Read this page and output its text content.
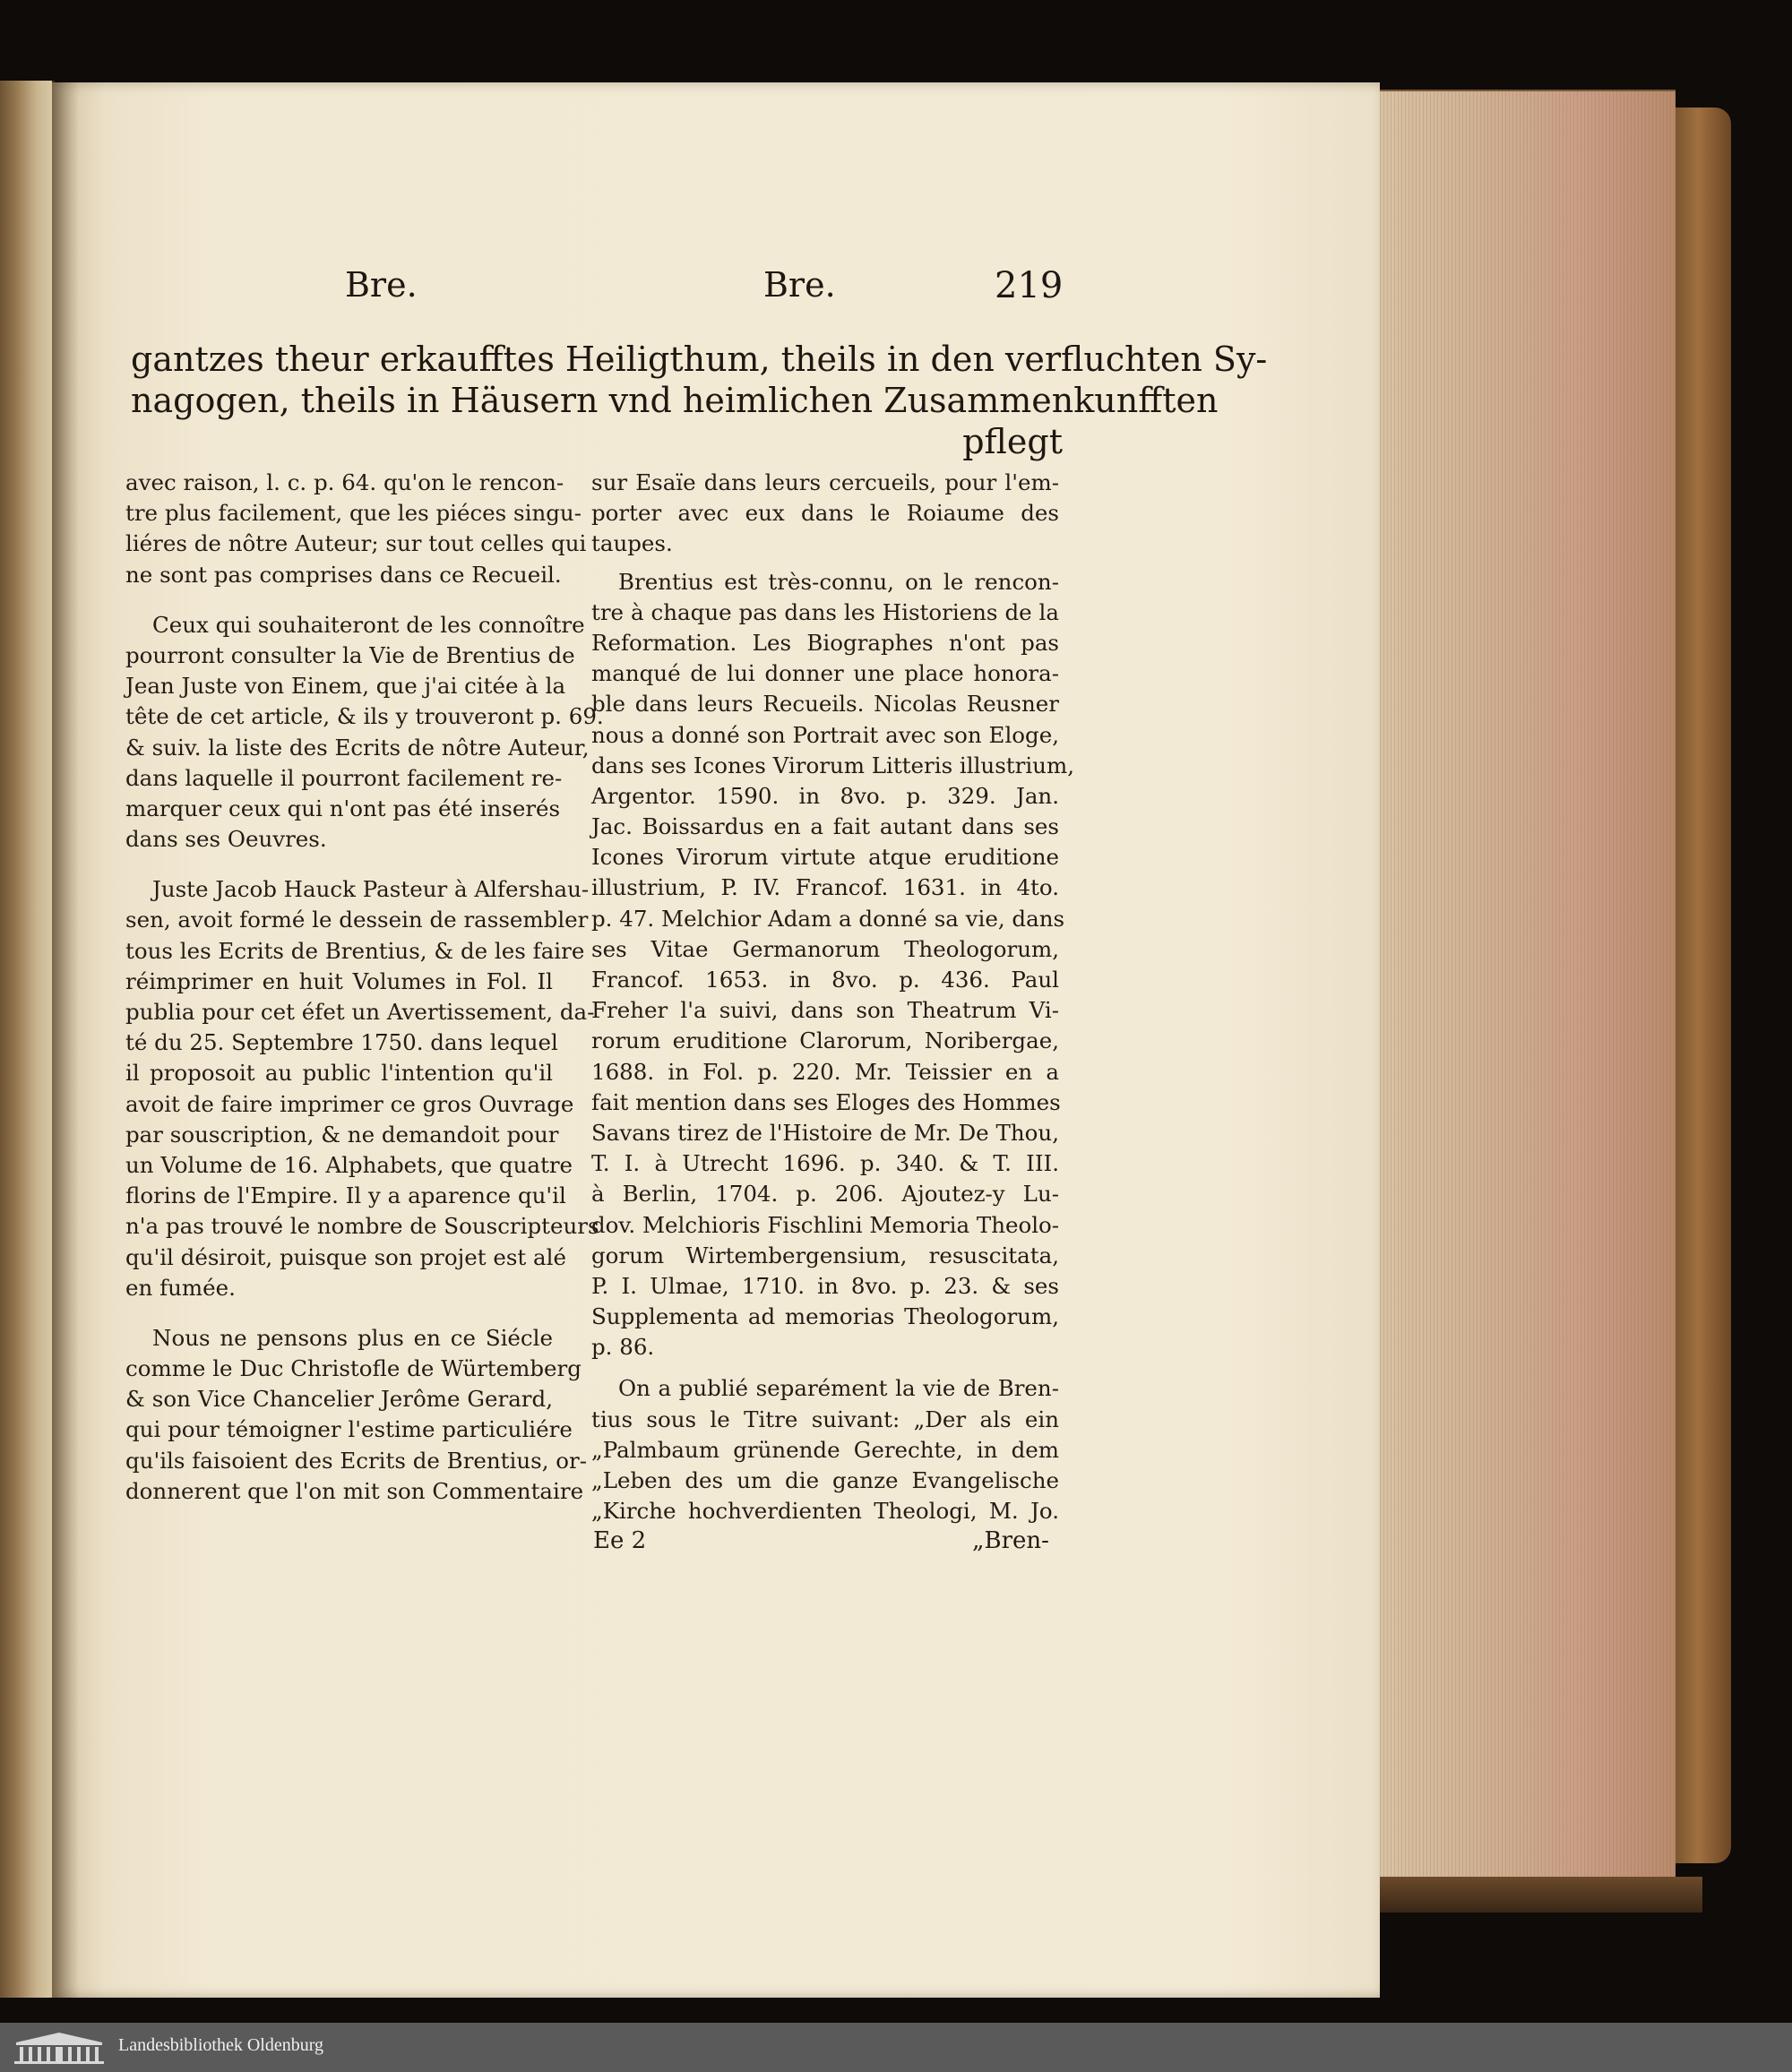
Bre.	Bre.	219
gantzes theur erkaufftes Heiligthum, theils in den verfluchten Sy-
nagogen, theils in Häusern vnd heimlichen Zusammenkunfften
pflegt
avec raison, l. c. p. 64. qu'on le rencon-
tre plus facilement, que les piéces singu-
liéres de nôtre Auteur; sur tout celles qui
ne sont pas comprises dans ce Recueil.
Ceux qui souhaiteront de les connoître
pourront consulter la Vie de Brentius de
Jean Juste von Einem, que j'ai citée à la
tête de cet article, & ils y trouveront p. 69.
& suiv. la liste des Ecrits de nôtre Auteur,
dans laquelle il pourront facilement re-
marquer ceux qui n'ont pas été inserés
dans ses Oeuvres.
Juste Jacob Hauck Pasteur à Alfershau-
sen, avoit formé le dessein de rassembler
tous les Ecrits de Brentius, & de les faire
réimprimer en huit Volumes in Fol. Il
publia pour cet éfet un Avertissement, da-
té du 25. Septembre 1750. dans lequel
il proposoit au public l'intention qu'il
avoit de faire imprimer ce gros Ouvrage
par souscription, & ne demandoit pour
un Volume de 16. Alphabets, que quatre
florins de l'Empire. Il y a aparence qu'il
n'a pas trouvé le nombre de Souscripteurs
qu'il désiroit, puisque son projet est alé
en fumée.
Nous ne pensons plus en ce Siécle
comme le Duc Christofle de Würtemberg
& son Vice Chancelier Jerôme Gerard,
qui pour témoigner l'estime particuliére
qu'ils faisoient des Ecrits de Brentius, or-
donnerent que l'on mit son Commentaire
sur Esaïe dans leurs cercueils, pour l'em-
porter avec eux dans le Roiaume des
taupes.
Brentius est très-connu, on le rencon-
tre à chaque pas dans les Historiens de la
Reformation. Les Biographes n'ont pas
manqué de lui donner une place honora-
ble dans leurs Recueils. Nicolas Reusner
nous a donné son Portrait avec son Eloge,
dans ses Icones Virorum Litteris illustrium,
Argentor. 1590. in 8vo. p. 329. Jan.
Jac. Boissardus en a fait autant dans ses
Icones Virorum virtute atque eruditione
illustrium, P. IV. Francof. 1631. in 4to.
p. 47. Melchior Adam a donné sa vie, dans
ses Vitae Germanorum Theologorum,
Francof. 1653. in 8vo. p. 436. Paul
Freher l'a suivi, dans son Theatrum Vi-
rorum eruditione Clarorum, Noribergae,
1688. in Fol. p. 220. Mr. Teissier en a
fait mention dans ses Eloges des Hommes
Savans tirez de l'Histoire de Mr. De Thou,
T. I. à Utrecht 1696. p. 340. & T. III.
à Berlin, 1704. p. 206. Ajoutez-y Lu-
dov. Melchioris Fischlini Memoria Theolo-
gorum Wirtembergensium, resuscitata,
P. I. Ulmae, 1710. in 8vo. p. 23. & ses
Supplementa ad memorias Theologorum,
p. 86.
On a publié separément la vie de Bren-
tius sous le Titre suivant: „Der als ein
„Palmbaum grünende Gerechte, in dem
„Leben des um die ganze Evangelische
„Kirche hochverdienten Theologi, M. Jo.
Ee 2	„Bren-
Landesbibliothek Oldenburg
